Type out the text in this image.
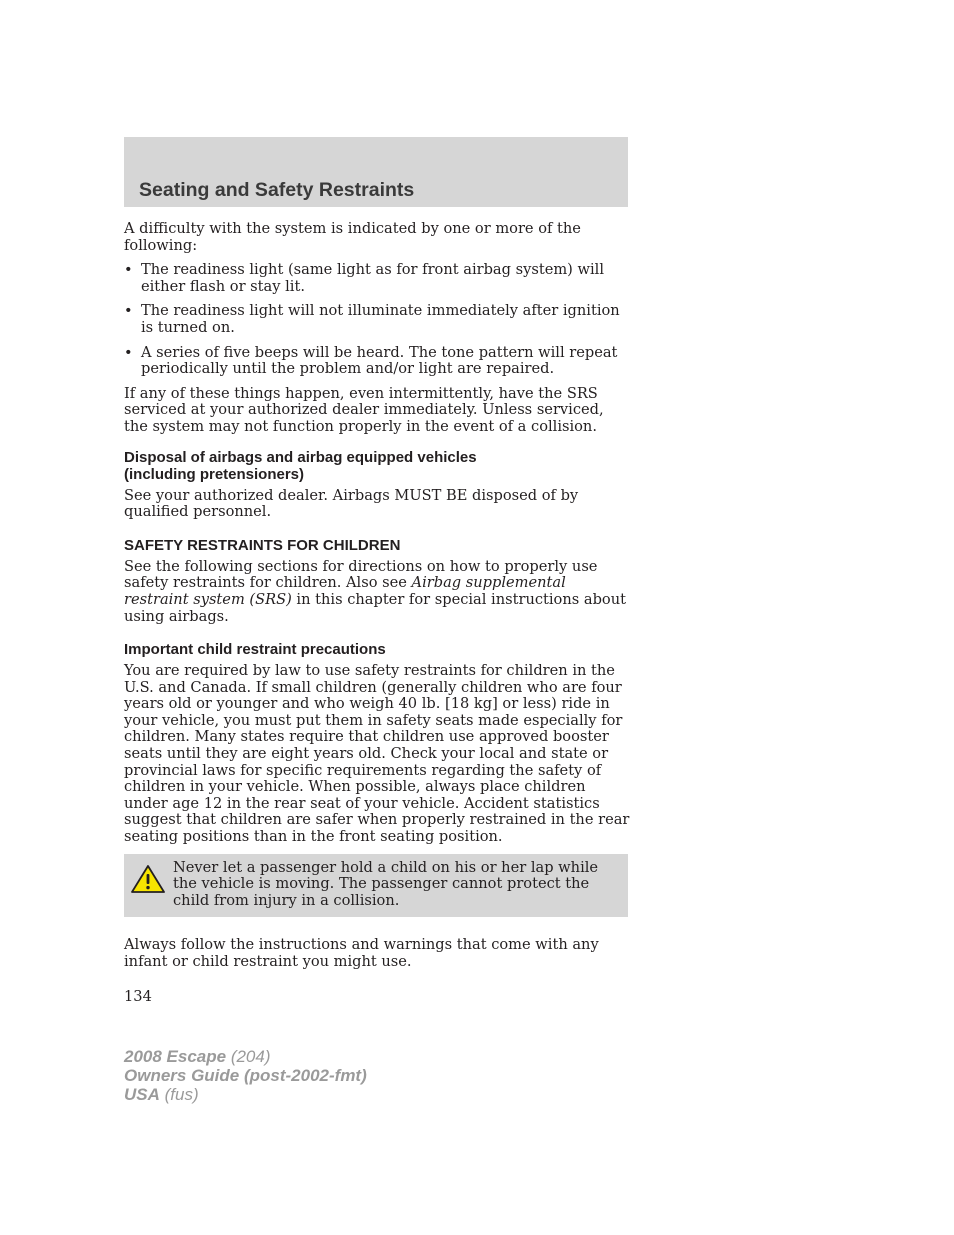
Seating and Safety Restraints

A difficulty with the system is indicated by one or more of the following:

• The readiness light (same light as for front airbag system) will either flash or stay lit.
• The readiness light will not illuminate immediately after ignition is turned on.
• A series of five beeps will be heard. The tone pattern will repeat periodically until the problem and/or light are repaired.

If any of these things happen, even intermittently, have the SRS serviced at your authorized dealer immediately. Unless serviced, the system may not function properly in the event of a collision.

Disposal of airbags and airbag equipped vehicles
(including pretensioners)

See your authorized dealer. Airbags MUST BE disposed of by qualified personnel.

SAFETY RESTRAINTS FOR CHILDREN

See the following sections for directions on how to properly use safety restraints for children. Also see Airbag supplemental restraint system (SRS) in this chapter for special instructions about using airbags.

Important child restraint precautions

You are required by law to use safety restraints for children in the U.S. and Canada. If small children (generally children who are four years old or younger and who weigh 40 lb. [18 kg] or less) ride in your vehicle, you must put them in safety seats made especially for children. Many states require that children use approved booster seats until they are eight years old. Check your local and state or provincial laws for specific requirements regarding the safety of children in your vehicle. When possible, always place children under age 12 in the rear seat of your vehicle. Accident statistics suggest that children are safer when properly restrained in the rear seating positions than in the front seating position.

Never let a passenger hold a child on his or her lap while the vehicle is moving. The passenger cannot protect the child from injury in a collision.

Always follow the instructions and warnings that come with any infant or child restraint you might use.

134

2008 Escape (204)
Owners Guide (post-2002-fmt)
USA (fus)
